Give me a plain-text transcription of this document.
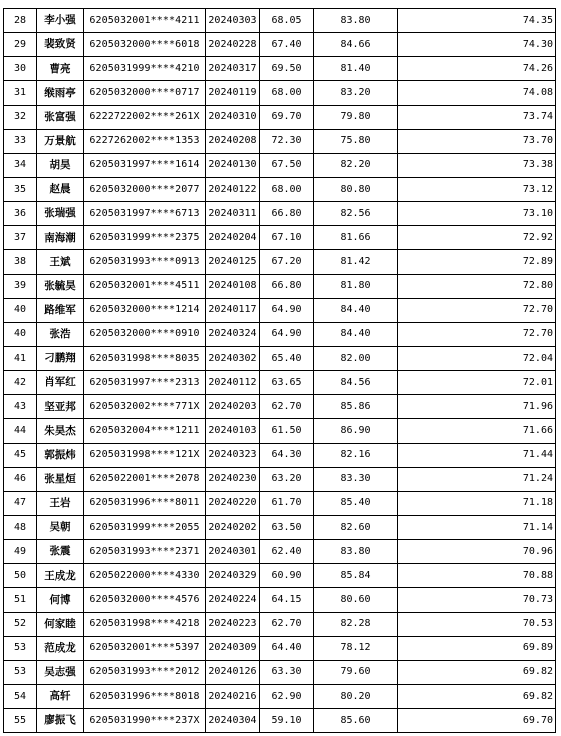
28	李小强	6205032001****4211	20240303	68.05	83.80	74.35
29	裴致贤	6205032000****6018	20240228	67.40	84.66	74.30
30	曹亮	6205031999****4210	20240317	69.50	81.40	74.26
31	缑雨亭	6205032000****0717	20240119	68.00	83.20	74.08
32	张富强	6222722002****261X	20240310	69.70	79.80	73.74
33	万景航	6227262002****1353	20240208	72.30	75.80	73.70
34	胡昊	6205031997****1614	20240130	67.50	82.20	73.38
35	赵晨	6205032000****2077	20240122	68.00	80.80	73.12
36	张瑞强	6205031997****6713	20240311	66.80	82.56	73.10
37	南海潮	6205031999****2375	20240204	67.10	81.66	72.92
38	王斌	6205031993****0913	20240125	67.20	81.42	72.89
39	张毓昊	6205032001****4511	20240108	66.80	81.80	72.80
40	路维军	6205032000****1214	20240117	64.90	84.40	72.70
40	张浩	6205032000****0910	20240324	64.90	84.40	72.70
41	刁鹏翔	6205031998****8035	20240302	65.40	82.00	72.04
42	肖军红	6205031997****2313	20240112	63.65	84.56	72.01
43	坚亚邦	6205032002****771X	20240203	62.70	85.86	71.96
44	朱昊杰	6205032004****1211	20240103	61.50	86.90	71.66
45	郭振炜	6205031998****121X	20240323	64.30	82.16	71.44
46	张星烜	6205022001****2078	20240230	63.20	83.30	71.24
47	王岩	6205031996****8011	20240220	61.70	85.40	71.18
48	吴朝	6205031999****2055	20240202	63.50	82.60	71.14
49	张震	6205031993****2371	20240301	62.40	83.80	70.96
50	王成龙	6205022000****4330	20240329	60.90	85.84	70.88
51	何博	6205032000****4576	20240224	64.15	80.60	70.73
52	何家睦	6205031998****4218	20240223	62.70	82.28	70.53
53	范成龙	6205032001****5397	20240309	64.40	78.12	69.89
53	吴志强	6205031993****2012	20240126	63.30	79.60	69.82
54	高轩	6205031996****8018	20240216	62.90	80.20	69.82
55	廖振飞	6205031990****237X	20240304	59.10	85.60	69.70
